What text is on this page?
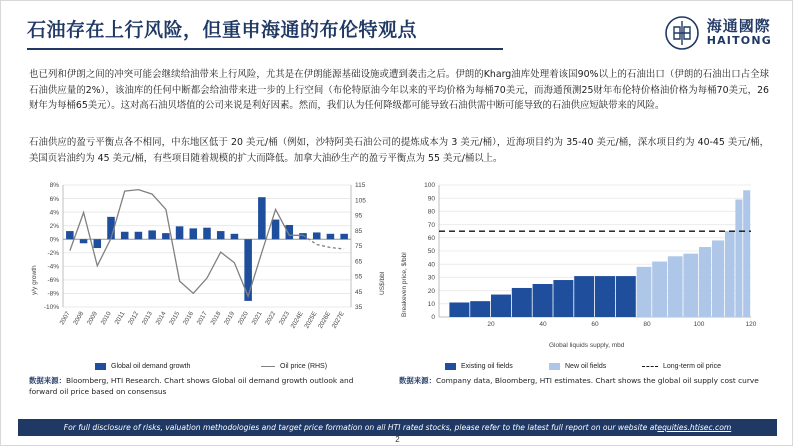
石油存在上行风险，但重申海通的布伦特观点	海通國際
HAITONG
也已列和伊朗之间的冲突可能会继续给油带来上行风险，尤其是在伊朗能源基础设施或遭到袭击之后。伊朗的Kharg油库处理着该国90%以上的石油出口（伊朗的石油出口占全球石油供应量的2%），该油库的任何中断都会给油带来进一步的上行空间（布伦特原油今年以来的平均价格为每桶70美元，而海通预测25财年布伦特价格油价格为每桶70美元，26财年为每桶65美元）。这对高石油贝塔值的公司来说是利好因素。然而，我们认为任何降级都可能导致石油供需中断可能导致的石油供应短缺带来的风险。
石油供应的盈亏平衡点各不相同，中东地区低于 20 美元/桶（例如，沙特阿美石油公司的提炼成本为 3 美元/桶），近海项目约为 35-40 美元/桶，深水项目约为 40-45 美元/桶，美国页岩油约为 45 美元/桶，有些项目随着规模的扩大而降低。加拿大油砂生产的盈亏平衡点为 55 美元/桶以上。
y/y growth	US$/bbl
8%
6%
4%
2%
0%
-2%
-4%
-6%
-8%
-10%
115
105
95
85
75
65
55
45
35
2007 2008 2009 2010 2011 2012 2013 2014 2015 2016 2017 2018 2019 2020 2021 2022 2023
2024E
2025E
2026E
2027E
Global oil demand growth	Oil price (RHS)
Breakeven price, $/bbl
100
90
80
70
60
50
40
30
20
10
0
20	40	60	80	100	120
Global liquids supply, mbd
Existing oil fields	New oil fields	Long-term oil price
数据来源：Bloomberg, HTI Research. Chart shows Global oil demand growth outlook and forward oil price based on consensus
数据来源：Company data, Bloomberg, HTI estimates. Chart shows the global oil supply cost curve
For full disclosure of risks, valuation methodologies and target price formation on all HTI rated stocks, please refer to the latest full report on our website at equities.htisec.com
2
